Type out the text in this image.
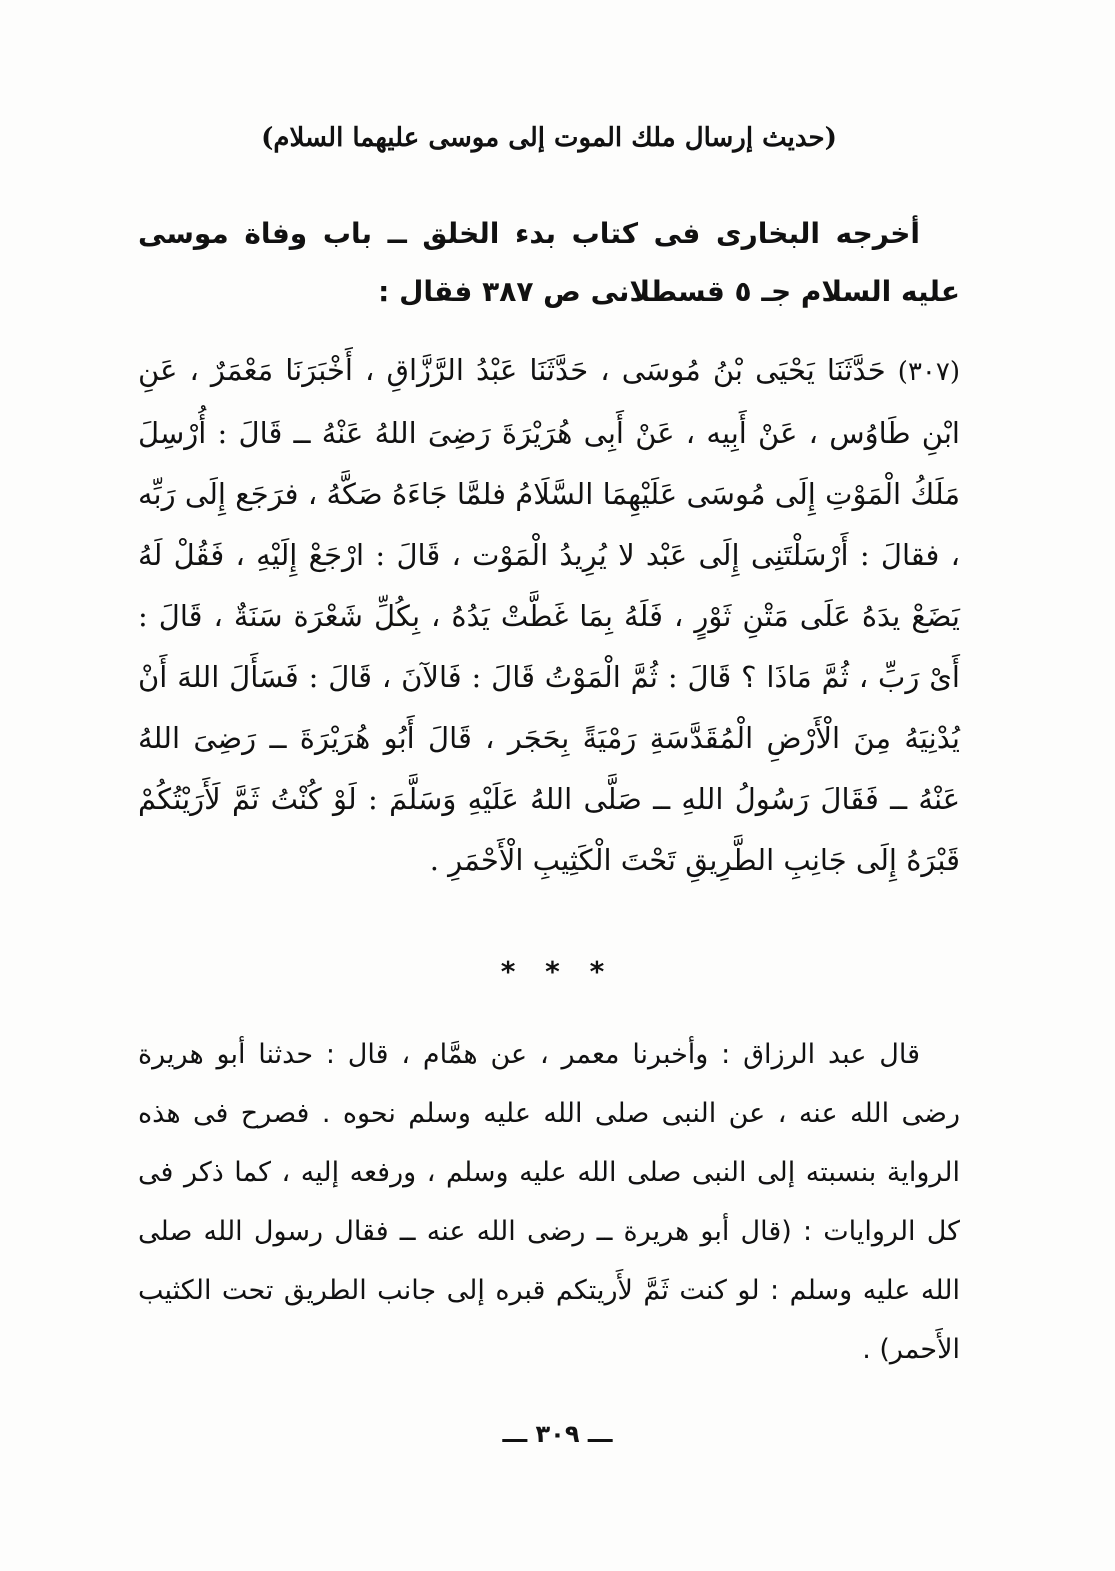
(حديث إرسال ملك الموت إلى موسى عليهما السلام)

أخرجه البخارى فى كتاب بدء الخلق ــ باب وفاة موسى عليه السلام جـ ٥ قسطلانى ص ٣٨٧ فقال :

(٣٠٧) حَدَّثَنَا يَحْيَى بْنُ مُوسَى ، حَدَّثَنَا عَبْدُ الرَّزَّاقِ ، أَخْبَرَنَا مَعْمَرٌ ، عَنِ ابْنِ طَاوُس ، عَنْ أَبِيه ، عَنْ أَبِى هُرَيْرَةَ رَضِىَ اللهُ عَنْهُ ــ قَالَ : أُرْسِلَ مَلَكُ الْمَوْتِ إِلَى مُوسَى عَلَيْهِمَا السَّلَامُ فلمَّا جَاءَهُ صَكَّهُ ، فرَجَع إِلَى رَبِّه ، فقالَ : أَرْسَلْتَنِى إِلَى عَبْد لا يُرِيدُ الْمَوْت ، قَالَ : ارْجَعْ إِلَيْهِ ، فَقُلْ لَهُ يَضَعْ يدَهُ عَلَى مَتْنِ ثَوْرٍ ، فَلَهُ بِمَا غَطَّتْ يَدُهُ ، بِكُلِّ شَعْرَة سَنَةٌ ، قَالَ : أَىْ رَبِّ ، ثُمَّ مَاذَا ؟ قَالَ : ثُمَّ الْمَوْتُ قَالَ : فَالآنَ ، قَالَ : فَسَأَلَ اللهَ أَنْ يُدْنِيَهُ مِنَ الْأَرْضِ الْمُقَدَّسَةِ رَمْيَةً بِحَجَر ، قَالَ أَبُو هُرَيْرَةَ ــ رَضِىَ اللهُ عَنْهُ ــ فَقَالَ رَسُولُ اللهِ ــ صَلَّى اللهُ عَلَيْهِ وَسَلَّمَ : لَوْ كُنْتُ ثَمَّ لَأَرَيْتُكُمْ قَبْرَهُ إِلَى جَانِبِ الطَّرِيقِ تَحْتَ الْكَثِيبِ الْأَحْمَرِ .

* * *

قال عبد الرزاق : وأخبرنا معمر ، عن همَّام ، قال : حدثنا أبو هريرة رضى الله عنه ، عن النبى صلى الله عليه وسلم نحوه . فصرح فى هذه الرواية بنسبته إلى النبى صلى الله عليه وسلم ، ورفعه إليه ، كما ذكر فى كل الروايات : (قال أبو هريرة ــ رضى الله عنه ــ فقال رسول الله صلى الله عليه وسلم : لو كنت ثَمَّ لأَريتكم قبره إلى جانب الطريق تحت الكثيب الأَحمر) .

ـــ ٣٠٩ ـــ
